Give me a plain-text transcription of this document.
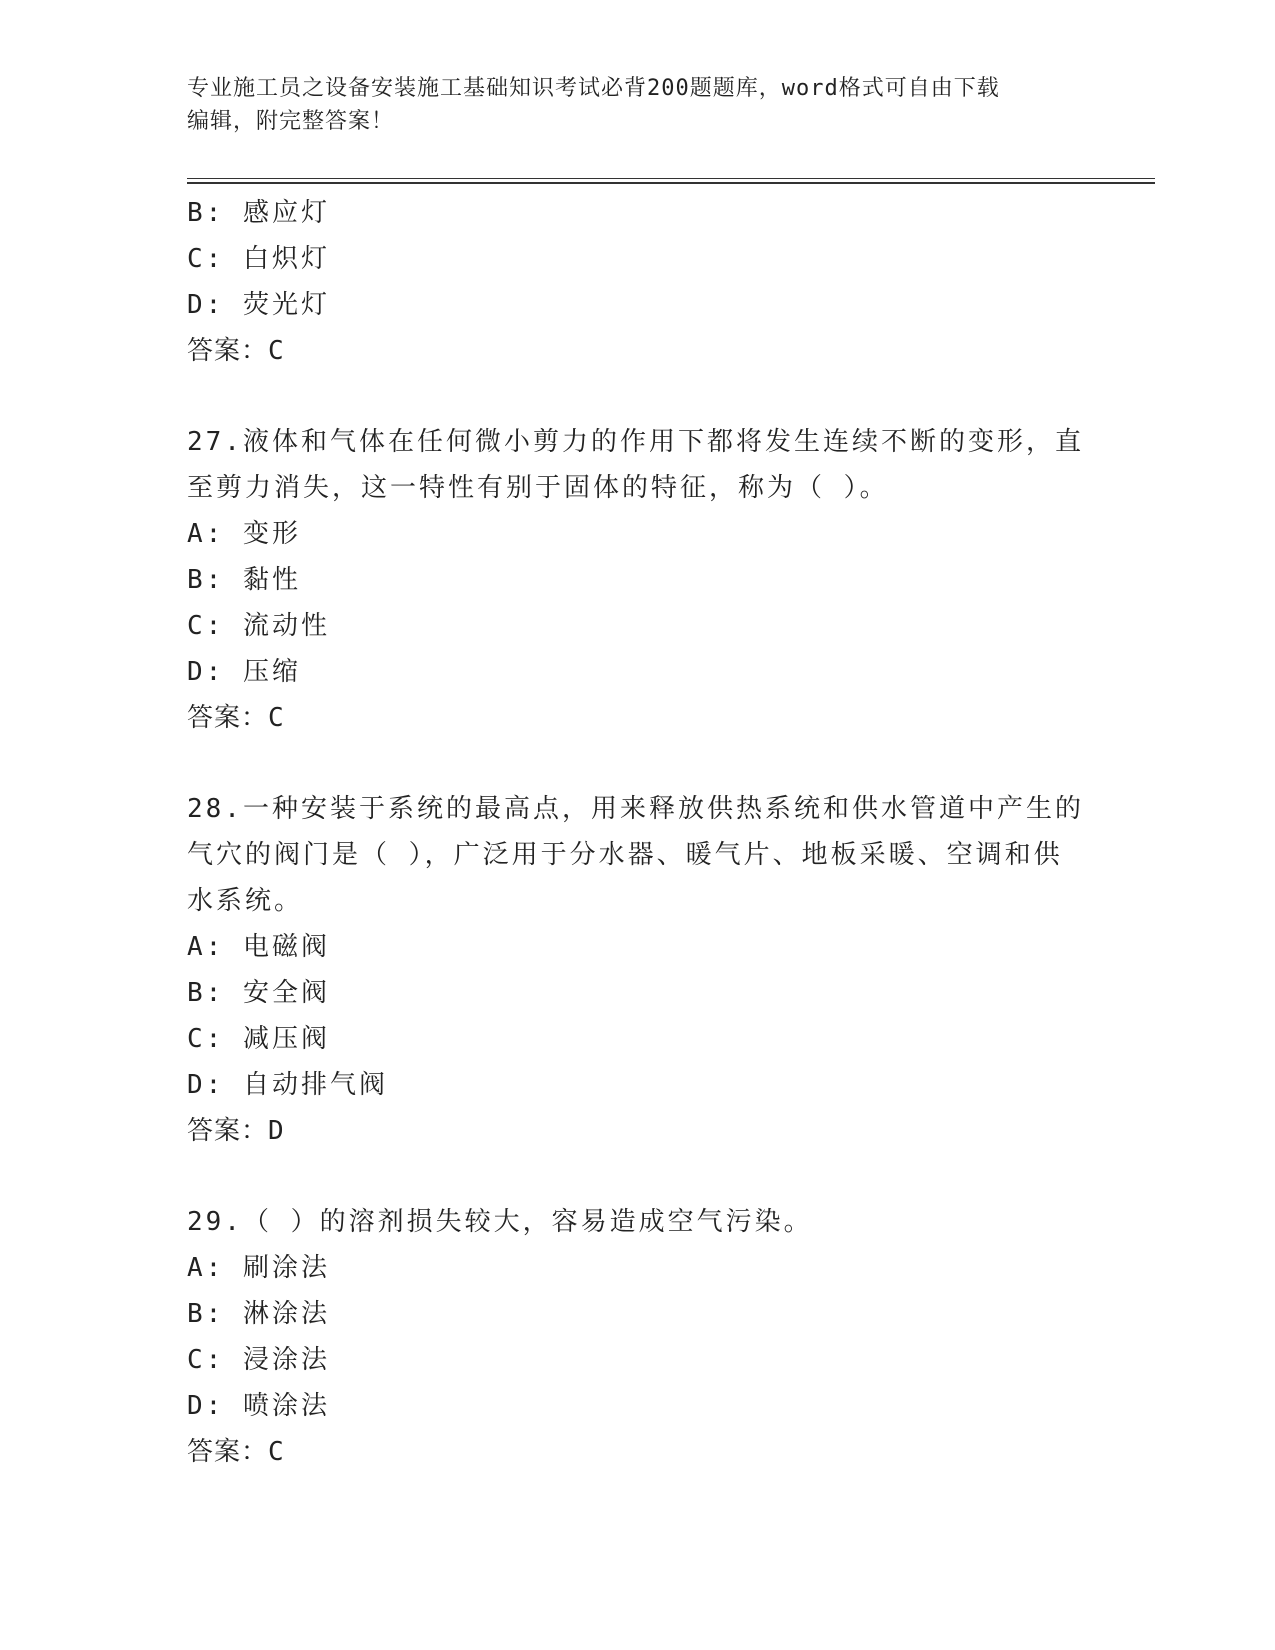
专业施工员之设备安装施工基础知识考试必背200题题库，word格式可自由下载
编辑，附完整答案！
B: 感应灯
C: 白炽灯
D: 荧光灯
答案：C
27.液体和气体在任何微小剪力的作用下都将发生连续不断的变形，直
至剪力消失，这一特性有别于固体的特征，称为（ ）。
A: 变形
B: 黏性
C: 流动性
D: 压缩
答案：C
28.一种安装于系统的最高点，用来释放供热系统和供水管道中产生的
气穴的阀门是（ ），广泛用于分水器、暖气片、地板采暖、空调和供
水系统。
A: 电磁阀
B: 安全阀
C: 减压阀
D: 自动排气阀
答案：D
29.（ ）的溶剂损失较大，容易造成空气污染。
A: 刷涂法
B: 淋涂法
C: 浸涂法
D: 喷涂法
答案：C
